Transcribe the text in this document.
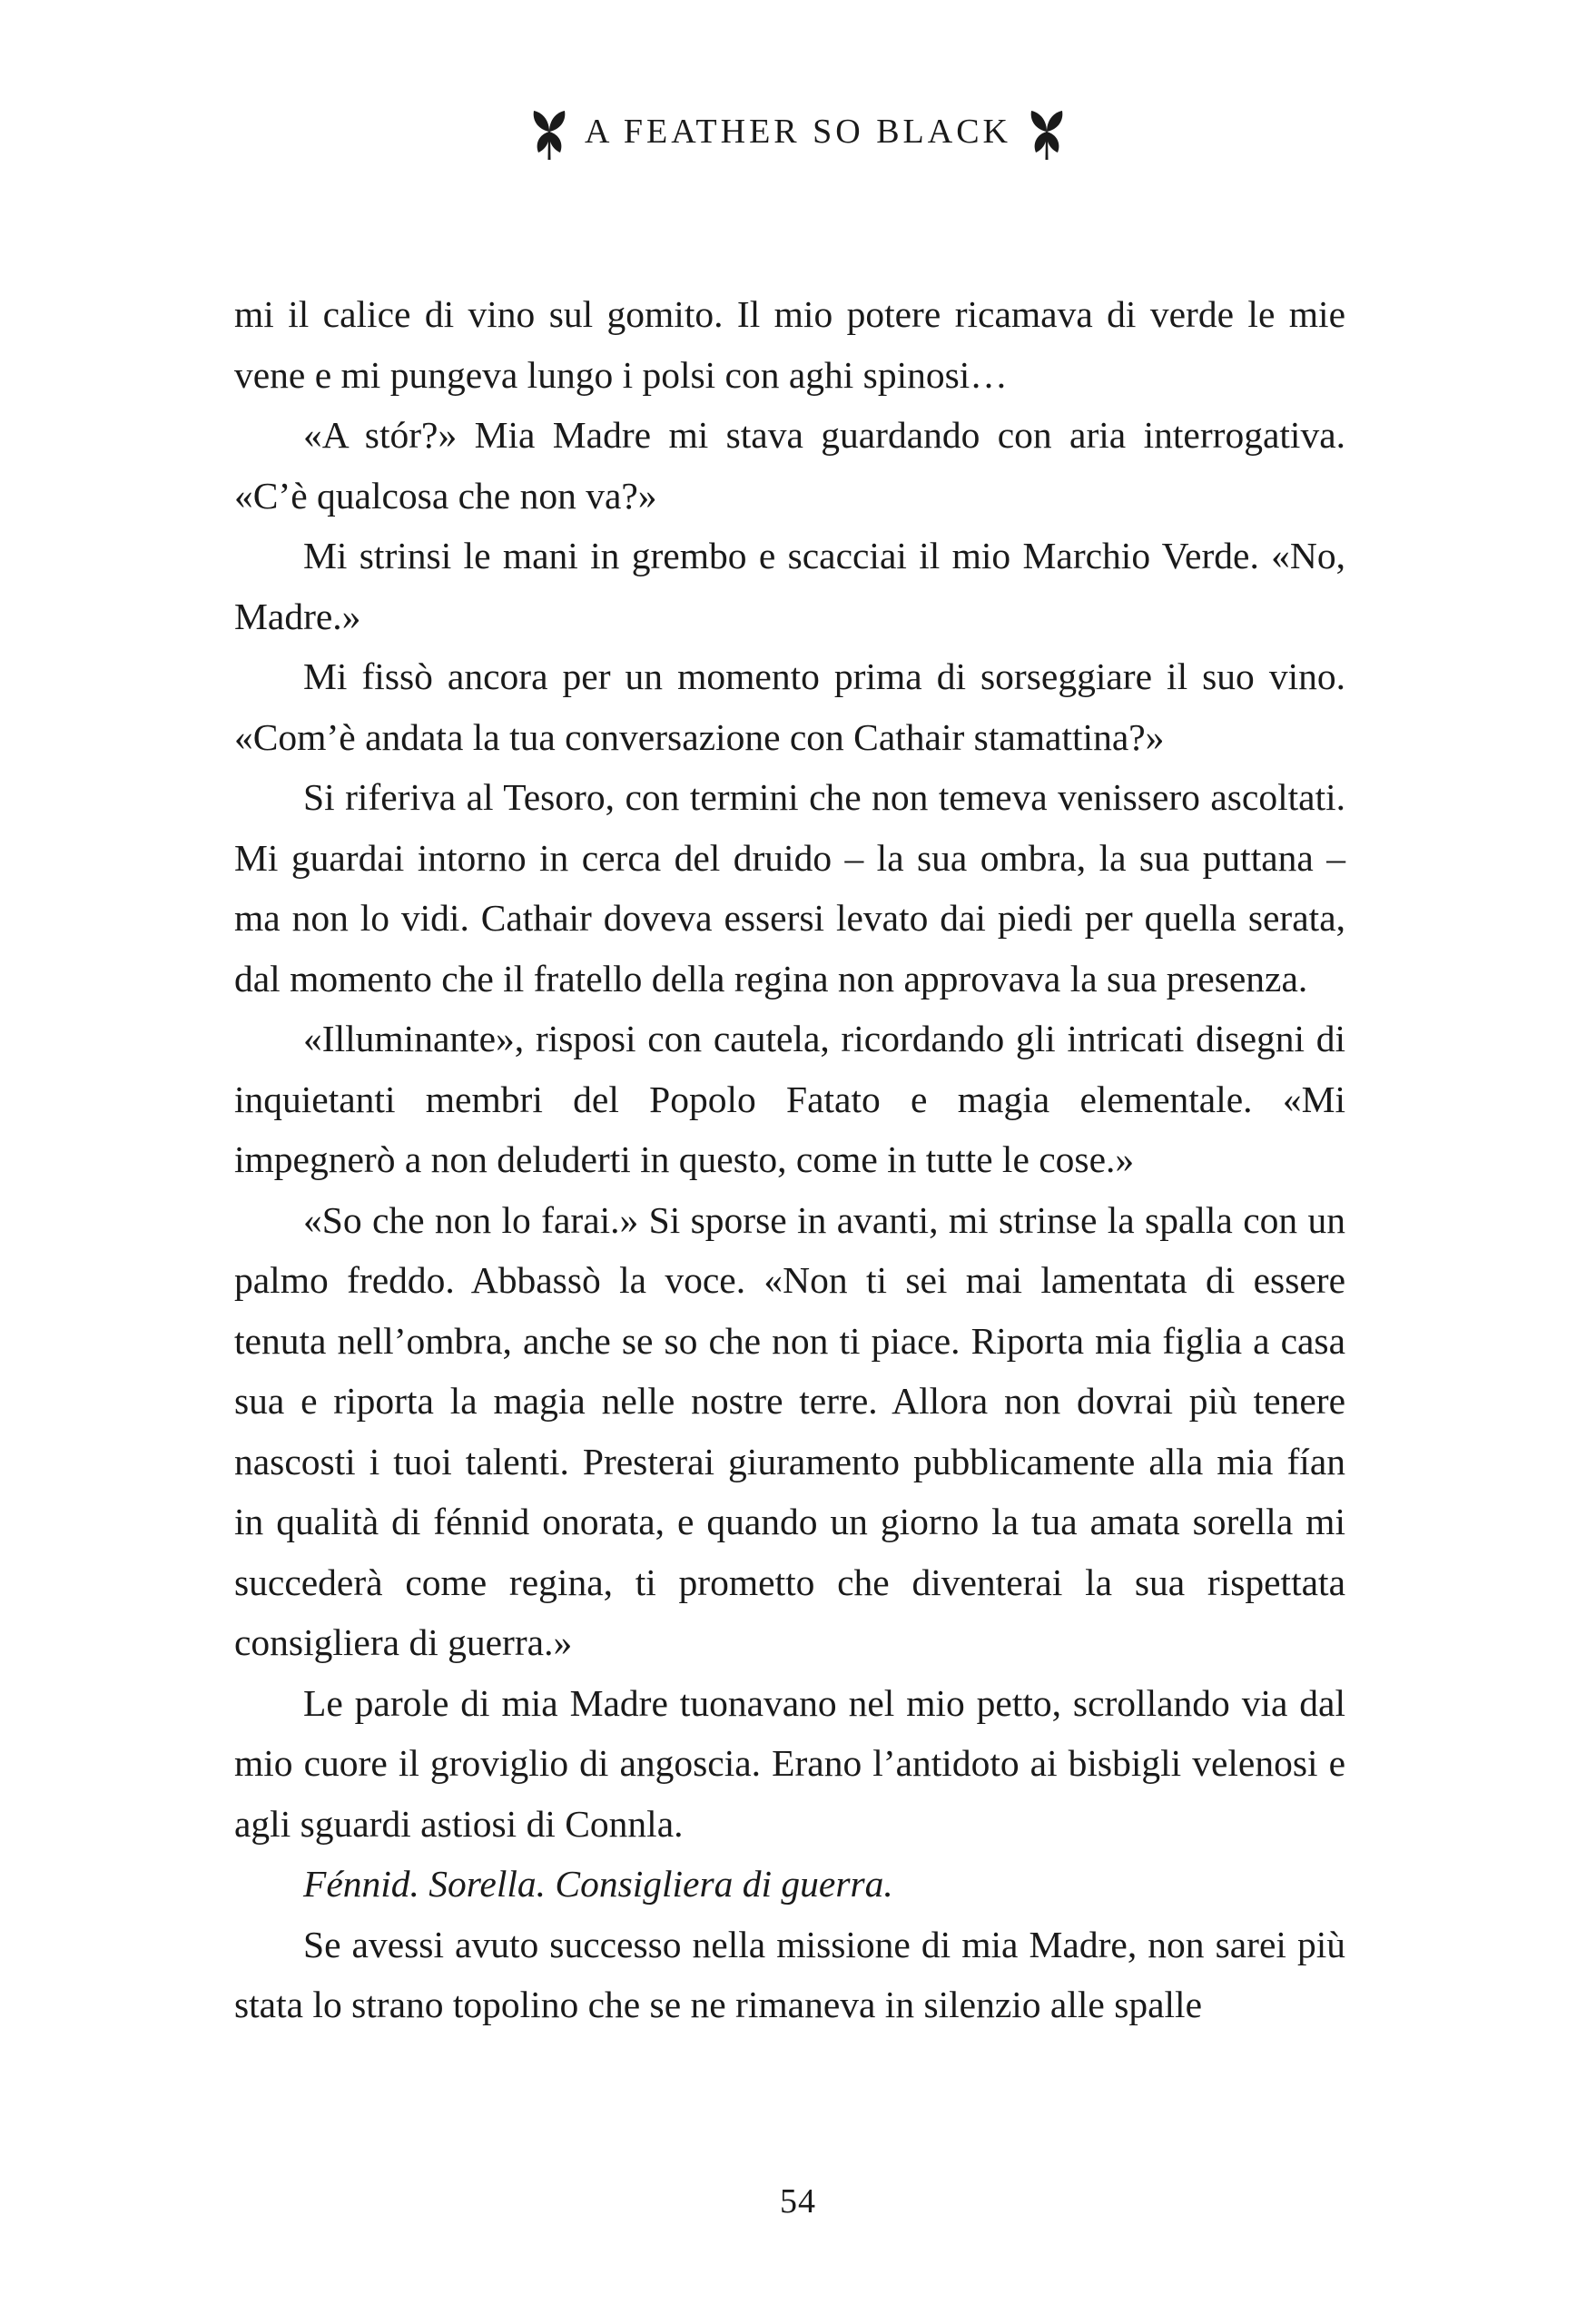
A FEATHER SO BLACK

mi il calice di vino sul gomito. Il mio potere ricamava di verde le mie vene e mi pungeva lungo i polsi con aghi spinosi…

«A stór?» Mia Madre mi stava guardando con aria interrogativa. «C’è qualcosa che non va?»

Mi strinsi le mani in grembo e scacciai il mio Marchio Verde. «No, Madre.»

Mi fissò ancora per un momento prima di sorseggiare il suo vino. «Com’è andata la tua conversazione con Cathair stamattina?»

Si riferiva al Tesoro, con termini che non temeva venissero ascoltati. Mi guardai intorno in cerca del druido – la sua ombra, la sua puttana – ma non lo vidi. Cathair doveva essersi levato dai piedi per quella serata, dal momento che il fratello della regina non approvava la sua presenza.

«Illuminante», risposi con cautela, ricordando gli intricati disegni di inquietanti membri del Popolo Fatato e magia elementale. «Mi impegnerò a non deluderti in questo, come in tutte le cose.»

«So che non lo farai.» Si sporse in avanti, mi strinse la spalla con un palmo freddo. Abbassò la voce. «Non ti sei mai lamentata di essere tenuta nell’ombra, anche se so che non ti piace. Riporta mia figlia a casa sua e riporta la magia nelle nostre terre. Allora non dovrai più tenere nascosti i tuoi talenti. Presterai giuramento pubblicamente alla mia fían in qualità di fénnid onorata, e quando un giorno la tua amata sorella mi succederà come regina, ti prometto che diventerai la sua rispettata consigliera di guerra.»

Le parole di mia Madre tuonavano nel mio petto, scrollando via dal mio cuore il groviglio di angoscia. Erano l’antidoto ai bisbigli velenosi e agli sguardi astiosi di Connla.

Fénnid. Sorella. Consigliera di guerra.

Se avessi avuto successo nella missione di mia Madre, non sarei più stata lo strano topolino che se ne rimaneva in silenzio alle spalle

54
